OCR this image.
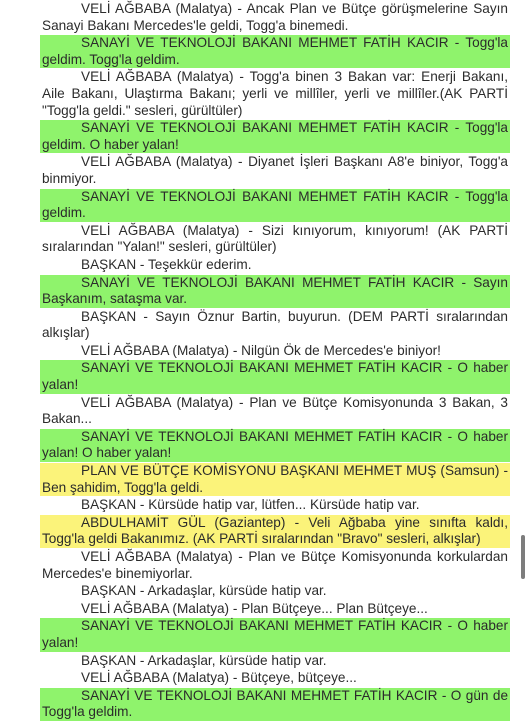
VELİ AĞBABA (Malatya) - Ancak Plan ve Bütçe görüşmelerine Sayın
Sanayi Bakanı Mercedes'le geldi, Togg'a binemedi.
SANAYİ VE TEKNOLOJİ BAKANI MEHMET FATİH KACIR - Togg'la
geldim. Togg'la geldim.
VELİ AĞBABA (Malatya) - Togg'a binen 3 Bakan var: Enerji Bakanı,
Aile Bakanı, Ulaştırma Bakanı; yerli ve millîler, yerli ve millîler.(AK PARTİ
"Togg'la geldi." sesleri, gürültüler)
SANAYİ VE TEKNOLOJİ BAKANI MEHMET FATİH KACIR - Togg'la
geldim. O haber yalan!
VELİ AĞBABA (Malatya) - Diyanet İşleri Başkanı A8'e biniyor, Togg'a
binmiyor.
SANAYİ VE TEKNOLOJİ BAKANI MEHMET FATİH KACIR - Togg'la
geldim.
VELİ AĞBABA (Malatya) - Sizi kınıyorum, kınıyorum! (AK PARTİ
sıralarından "Yalan!" sesleri, gürültüler)
BAŞKAN - Teşekkür ederim.
SANAYİ VE TEKNOLOJİ BAKANI MEHMET FATİH KACIR - Sayın
Başkanım, sataşma var.
BAŞKAN - Sayın Öznur Bartin, buyurun. (DEM PARTİ sıralarından
alkışlar)
VELİ AĞBABA (Malatya) - Nilgün Ök de Mercedes'e biniyor!
SANAYİ VE TEKNOLOJİ BAKANI MEHMET FATİH KACIR - O haber
yalan!
VELİ AĞBABA (Malatya) - Plan ve Bütçe Komisyonunda 3 Bakan, 3
Bakan...
SANAYİ VE TEKNOLOJİ BAKANI MEHMET FATİH KACIR - O haber
yalan! O haber yalan!
PLAN VE BÜTÇE KOMİSYONU BAŞKANI MEHMET MUŞ (Samsun) -
Ben şahidim, Togg'la geldi.
BAŞKAN - Kürsüde hatip var, lütfen... Kürsüde hatip var.
ABDULHAMİT GÜL (Gaziantep) - Veli Ağbaba yine sınıfta kaldı,
Togg'la geldi Bakanımız. (AK PARTİ sıralarından "Bravo" sesleri, alkışlar)
VELİ AĞBABA (Malatya) - Plan ve Bütçe Komisyonunda korkulardan
Mercedes'e binemiyorlar.
BAŞKAN - Arkadaşlar, kürsüde hatip var.
VELİ AĞBABA (Malatya) - Plan Bütçeye... Plan Bütçeye...
SANAYİ VE TEKNOLOJİ BAKANI MEHMET FATİH KACIR - O haber
yalan!
BAŞKAN - Arkadaşlar, kürsüde hatip var.
VELİ AĞBABA (Malatya) - Bütçeye, bütçeye...
SANAYİ VE TEKNOLOJİ BAKANI MEHMET FATİH KACIR - O gün de
Togg'la geldim.
